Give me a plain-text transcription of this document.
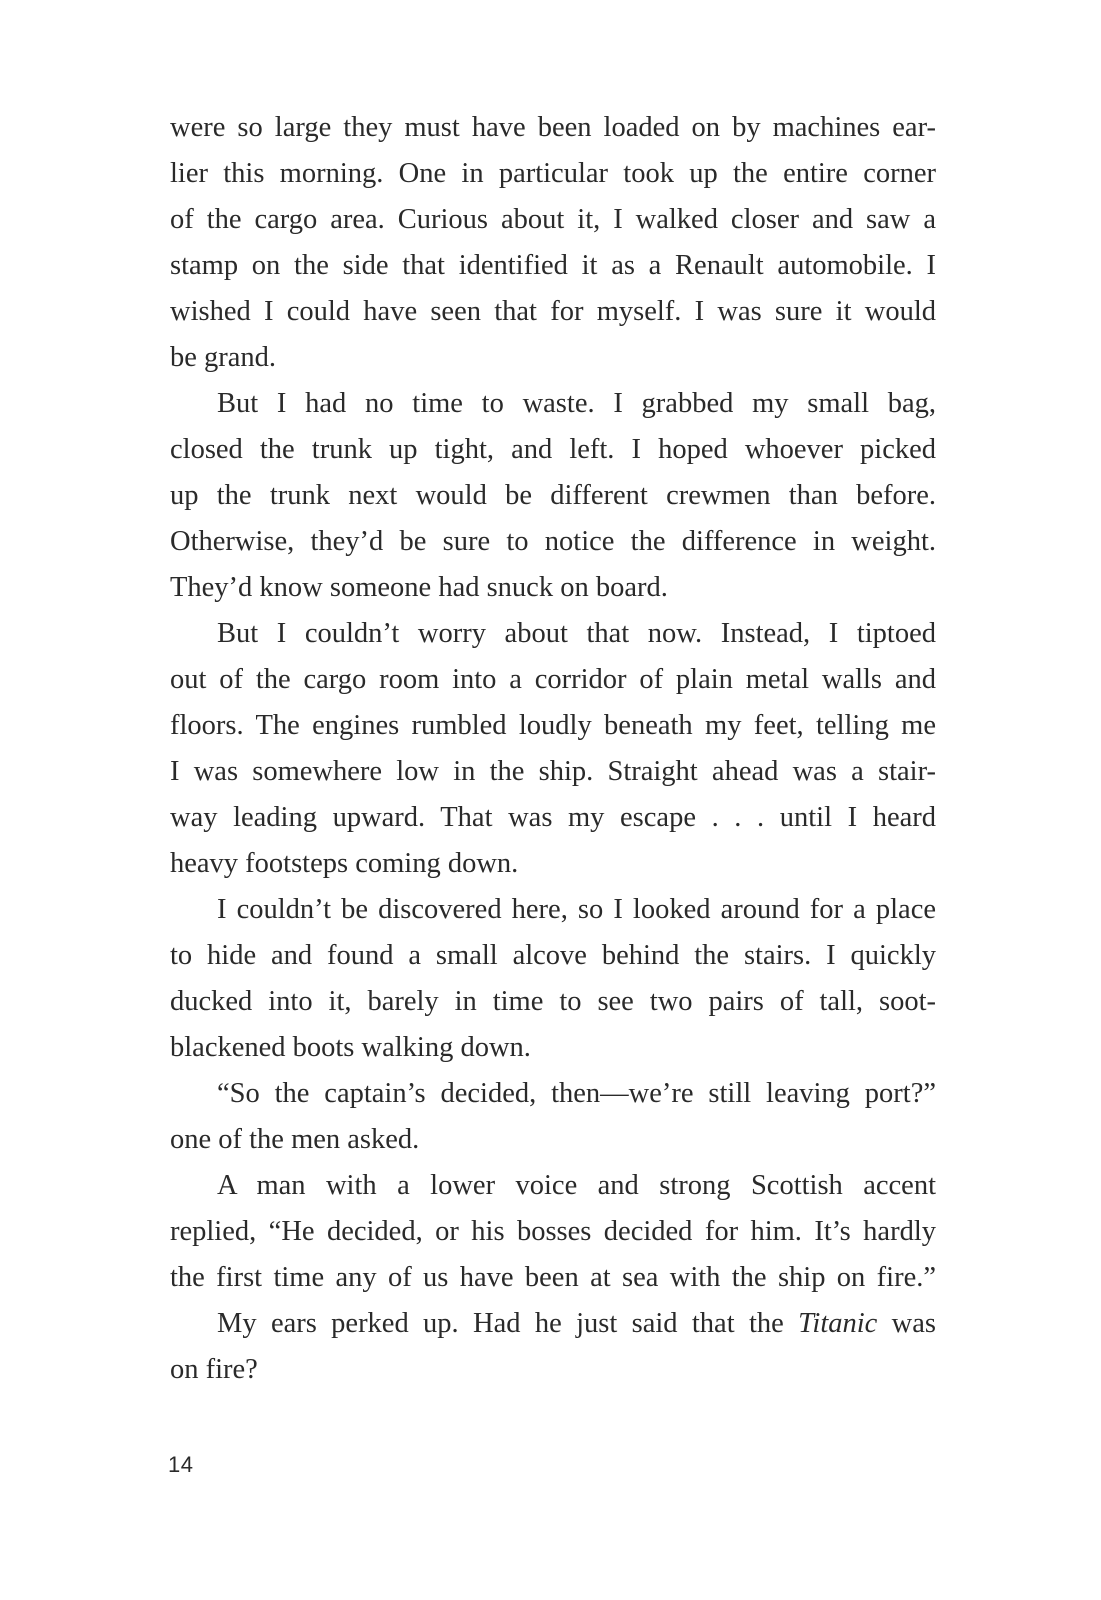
were so large they must have been loaded on by machines ear-
lier this morning. One in particular took up the entire corner
of the cargo area. Curious about it, I walked closer and saw a
stamp on the side that identified it as a Renault automobile. I
wished I could have seen that for myself. I was sure it would
be grand.
But I had no time to waste. I grabbed my small bag,
closed the trunk up tight, and left. I hoped whoever picked
up the trunk next would be different crewmen than before.
Otherwise, they’d be sure to notice the difference in weight.
They’d know someone had snuck on board.
But I couldn’t worry about that now. Instead, I tiptoed
out of the cargo room into a corridor of plain metal walls and
floors. The engines rumbled loudly beneath my feet, telling me
I was somewhere low in the ship. Straight ahead was a stair-
way leading upward. That was my escape . . . until I heard
heavy footsteps coming down.
I couldn’t be discovered here, so I looked around for a place
to hide and found a small alcove behind the stairs. I quickly
ducked into it, barely in time to see two pairs of tall, soot-
blackened boots walking down.
“So the captain’s decided, then—we’re still leaving port?”
one of the men asked.
A man with a lower voice and strong Scottish accent
replied, “He decided, or his bosses decided for him. It’s hardly
the first time any of us have been at sea with the ship on fire.”
My ears perked up. Had he just said that the Titanic was
on fire?
14
